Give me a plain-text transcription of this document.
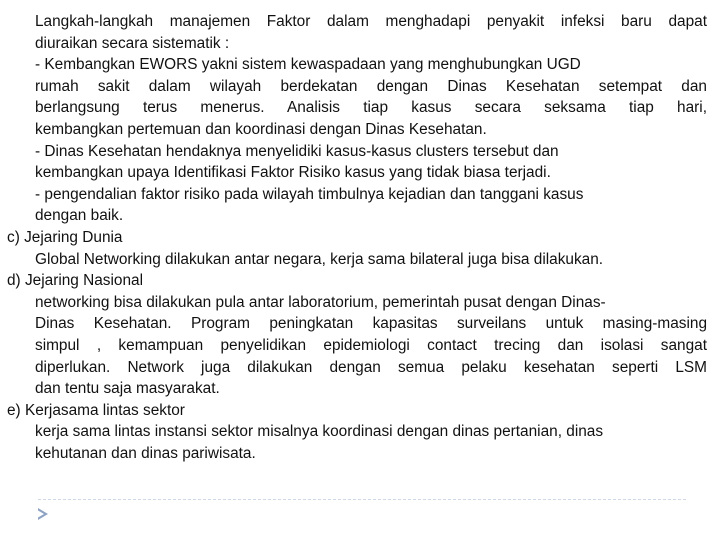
Langkah-langkah manajemen Faktor dalam menghadapi penyakit infeksi baru dapat
diuraikan secara sistematik :
- Kembangkan EWORS yakni sistem kewaspadaan yang menghubungkan UGD
rumah sakit dalam wilayah berdekatan dengan Dinas Kesehatan setempat dan
berlangsung terus menerus. Analisis tiap kasus secara seksama tiap hari,
kembangkan pertemuan dan koordinasi dengan Dinas Kesehatan.
- Dinas Kesehatan hendaknya menyelidiki kasus-kasus clusters tersebut dan
kembangkan upaya Identifikasi Faktor Risiko kasus yang tidak biasa terjadi.
- pengendalian faktor risiko pada wilayah timbulnya kejadian dan tanggani kasus
dengan baik.
c) Jejaring Dunia
Global Networking dilakukan antar negara, kerja sama bilateral juga bisa dilakukan.
d) Jejaring Nasional
networking bisa dilakukan pula antar laboratorium, pemerintah pusat dengan Dinas-
Dinas Kesehatan. Program peningkatan kapasitas surveilans untuk masing-masing
simpul , kemampuan penyelidikan epidemiologi contact trecing dan isolasi sangat
diperlukan. Network juga dilakukan dengan semua pelaku kesehatan seperti LSM
dan tentu saja masyarakat.
e) Kerjasama lintas sektor
kerja sama lintas instansi sektor misalnya koordinasi dengan dinas pertanian, dinas
kehutanan dan dinas pariwisata.
